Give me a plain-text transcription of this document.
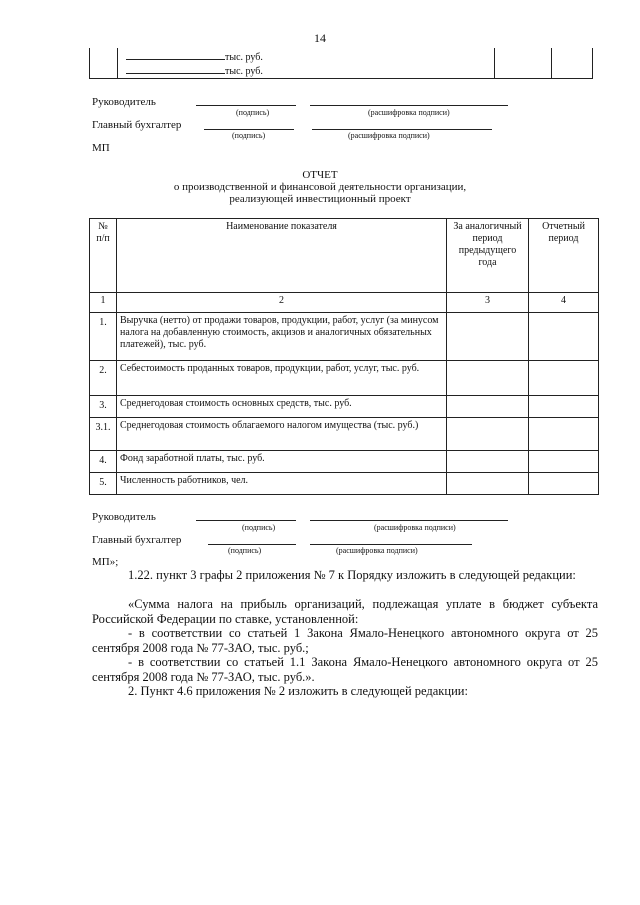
14
тыс. руб.
тыс. руб.
Руководитель
(подпись)	(расшифровка подписи)
Главный бухгалтер
(подпись)	(расшифровка подписи)
МП
ОТЧЕТ
о производственной и финансовой деятельности организации,
реализующей инвестиционный проект
№ п/п	Наименование показателя	За аналогичный период предыдущего года	Отчетный период
1	2	3	4
1.	Выручка (нетто) от продажи товаров, продукции, работ, услуг (за минусом налога на добавленную стоимость, акцизов и аналогичных обязательных платежей), тыс. руб.		
2.	Себестоимость проданных товаров, продукции, работ, услуг, тыс. руб.		
3.	Среднегодовая стоимость основных средств, тыс. руб.		
3.1.	Среднегодовая стоимость облагаемого налогом имущества (тыс. руб.)		
4.	Фонд заработной платы, тыс. руб.		
5.	Численность работников, чел.		
Руководитель
(подпись)	(расшифровка подписи)
Главный бухгалтер
(подпись)	(расшифровка подписи)
МП»;
1.22. пункт 3 графы 2 приложения № 7 к Порядку изложить в следующей редакции:
«Сумма налога на прибыль организаций, подлежащая уплате в бюджет субъекта Российской Федерации по ставке, установленной:
- в соответствии со статьей 1 Закона Ямало-Ненецкого автономного округа от 25 сентября 2008 года № 77-ЗАО, тыс. руб.;
- в соответствии со статьей 1.1 Закона Ямало-Ненецкого автономного округа от 25 сентября 2008 года № 77-ЗАО, тыс. руб.».
2. Пункт 4.6 приложения № 2 изложить в следующей редакции:
